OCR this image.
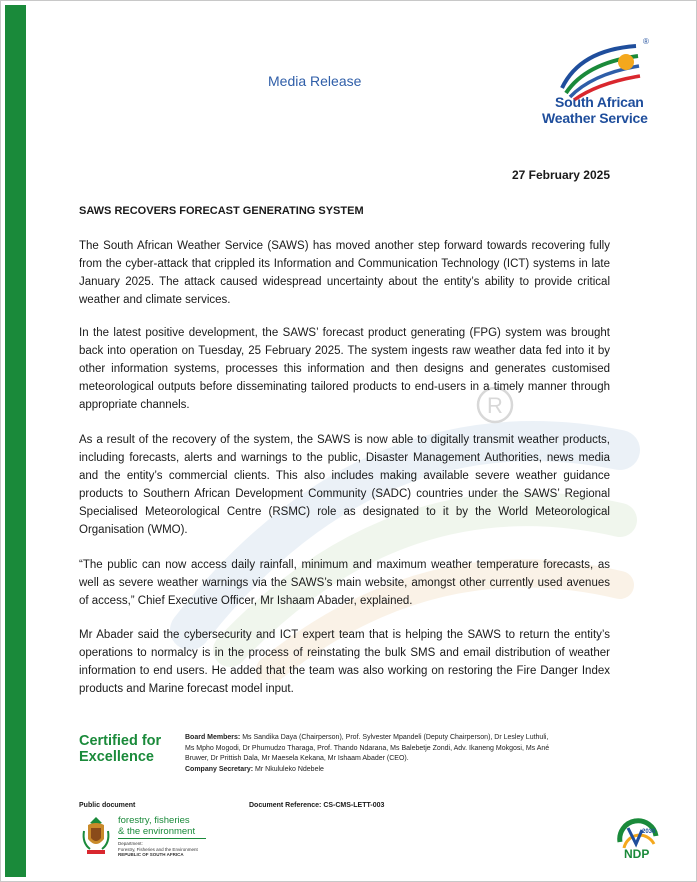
R
Media Release
®
South African
Weather Service
27 February 2025
SAWS RECOVERS FORECAST GENERATING SYSTEM

The South African Weather Service (SAWS) has moved another step forward towards recovering fully from the cyber-attack that crippled its Information and Communication Technology (ICT) systems in late January 2025. The attack caused widespread uncertainty about the entity’s ability to provide critical weather and climate services.

In the latest positive development, the SAWS’ forecast product generating (FPG) system was brought back into operation on Tuesday, 25 February 2025. The system ingests raw weather data fed into it by other information systems, processes this information and then designs and generates customised meteorological outputs before disseminating tailored products to end-users in a timely manner through appropriate channels.

As a result of the recovery of the system, the SAWS is now able to digitally transmit weather products, including forecasts, alerts and warnings to the public, Disaster Management Authorities, news media and the entity’s commercial clients. This also includes making available severe weather guidance products to Southern African Development Community (SADC) countries under the SAWS’ Regional Specialised Meteorological Centre (RSMC) role as designated to it by the World Meteorological Organisation (WMO).

“The public can now access daily rainfall, minimum and maximum weather temperature forecasts, as well as severe weather warnings via the SAWS’s main website, amongst other currently used avenues of access,” Chief Executive Officer, Mr Ishaam Abader, explained.

Mr Abader said the cybersecurity and ICT expert team that is helping the SAWS to return the entity’s operations to normalcy is in the process of reinstating the bulk SMS and email distribution of weather information to end users. He added that the team was also working on restoring the Fire Danger Index products and Marine forecast model input.

Certified for
Excellence
Board Members: Ms Sandika Daya (Chairperson), Prof. Sylvester Mpandeli (Deputy Chairperson), Dr Lesley Luthuli, Ms Mpho Mogodi, Dr Phumudzo Tharaga, Prof. Thando Ndarana, Ms Balebetje Zondi, Adv. Ikaneng Mokgosi, Ms Ané Bruwer, Dr Prittish Dala, Mr Maesela Kekana, Mr Ishaam Abader (CEO).
Company Secretary: Mr Nkululeko Ndebele
Public document	Document Reference: CS-CMS-LETT-003
forestry, fisheries
& the environment
Department:
Forestry, Fisheries and the Environment
REPUBLIC OF SOUTH AFRICA
2030
NDP
